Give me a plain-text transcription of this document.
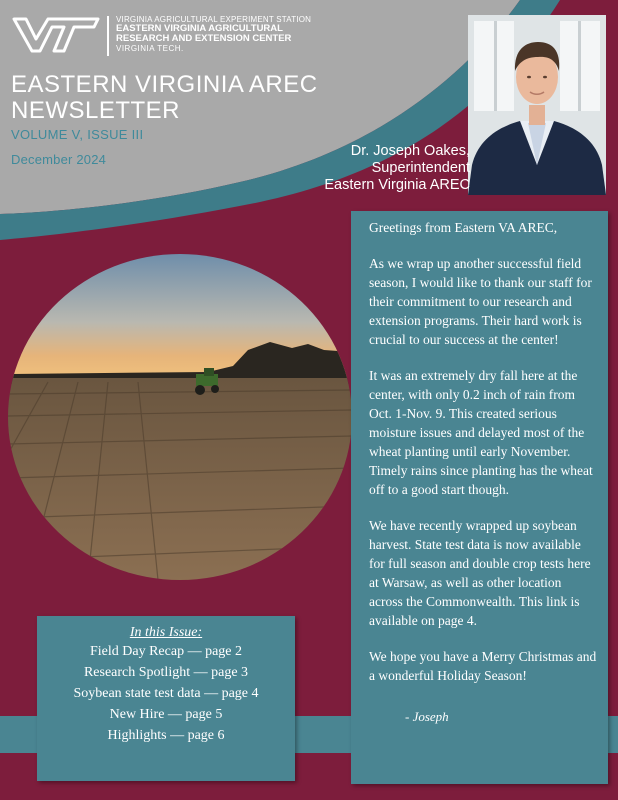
VIRGINIA AGRICULTURAL EXPERIMENT STATION
EASTERN VIRGINIA AGRICULTURAL
RESEARCH AND EXTENSION CENTER
VIRGINIA TECH.
EASTERN VIRGINIA AREC
NEWSLETTER
VOLUME V, ISSUE III
December 2024
Dr. Joseph Oakes,
Superintendent
Eastern Virginia AREC

Greetings from Eastern VA AREC,

As we wrap up another successful field season, I would like to thank our staff for their commitment to our research and extension programs. Their hard work is crucial to our success at the center!

It was an extremely dry fall here at the center, with only 0.2 inch of rain from Oct. 1-Nov. 9. This created serious moisture issues and delayed most of the wheat planting until early November. Timely rains since planting has the wheat off to a good start though.

We have recently wrapped up soybean harvest. State test data is now available for full season and double crop tests here at Warsaw, as well as other location across the Commonwealth. This link is available on page 4.

We hope you have a Merry Christmas and a wonderful Holiday Season!

- Joseph
In this Issue:
Field Day Recap — page 2
Research Spotlight — page 3
Soybean state test data — page 4
New Hire — page 5
Highlights — page 6
